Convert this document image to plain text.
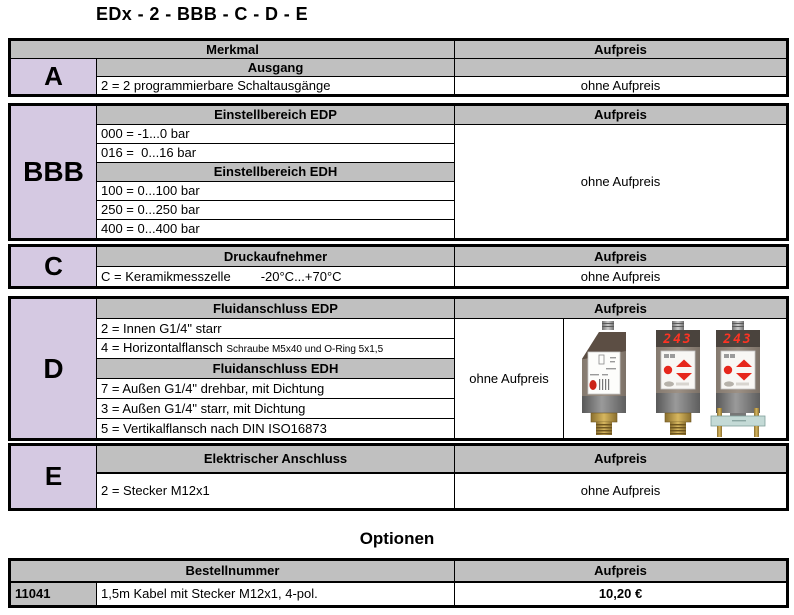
EDx - 2 - BBB - C - D - E
Merkmal		Aufpreis
A	Ausgang	
	2 = 2 programmierbare Schaltausgänge	ohne Aufpreis
BBB	Einstellbereich EDP	Aufpreis
	000 = -1...0 bar	ohne Aufpreis
	016 =  0...16 bar	
	Einstellbereich EDH	
	100 = 0...100 bar	
	250 = 0...250 bar	
	400 = 0...400 bar	
C	Druckaufnehmer	Aufpreis
	C = Keramikmesszelle -20°C...+70°C	ohne Aufpreis
D	Fluidanschluss EDP	Aufpreis	
	2 = Innen G1/4" starr	ohne Aufpreis	243 243

	4 = Horizontalflansch Schraube M5x40 und O-Ring 5x1,5		
	Fluidanschluss EDH		
	7 = Außen G1/4" drehbar, mit Dichtung		
	3 = Außen G1/4" starr, mit Dichtung		
	5 = Vertikalflansch nach DIN ISO16873		
E	Elektrischer Anschluss	Aufpreis
	2 = Stecker M12x1	ohne Aufpreis
Optionen
Bestellnummer		Aufpreis
11041	1,5m Kabel mit Stecker M12x1, 4-pol.	10,20 €
